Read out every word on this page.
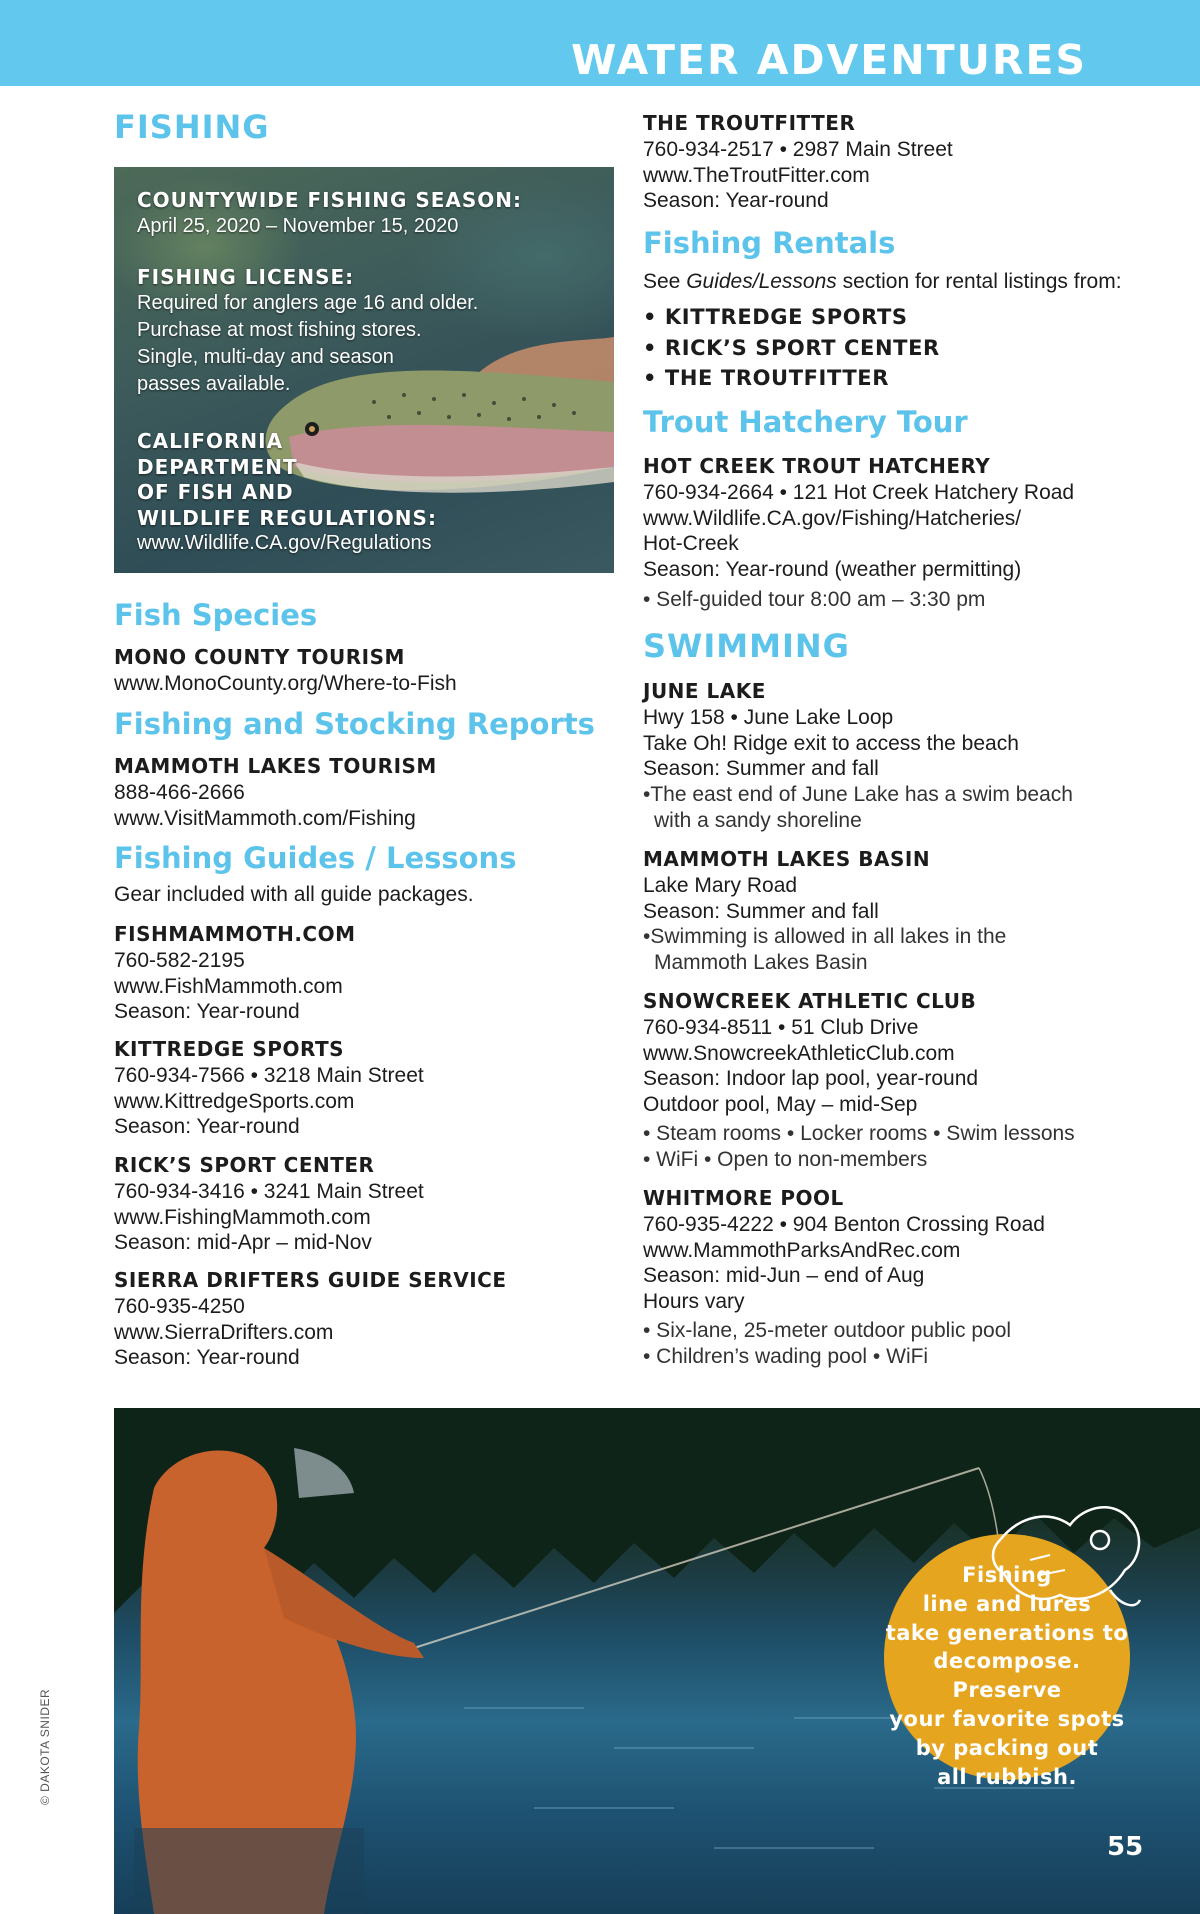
WATER ADVENTURES
FISHING
COUNTYWIDE FISHING SEASON:
April 25, 2020 – November 15, 2020
FISHING LICENSE:
Required for anglers age 16 and older.
Purchase at most fishing stores.
Single, multi-day and season
passes available.
CALIFORNIA
DEPARTMENT
OF FISH AND
WILDLIFE REGULATIONS:
www.Wildlife.CA.gov/Regulations
Fish Species
MONO COUNTY TOURISM
www.MonoCounty.org/Where-to-Fish
Fishing and Stocking Reports
MAMMOTH LAKES TOURISM
888-466-2666
www.VisitMammoth.com/Fishing
Fishing Guides / Lessons
Gear included with all guide packages.
FISHMAMMOTH.COM
760-582-2195
www.FishMammoth.com
Season: Year-round
KITTREDGE SPORTS
760-934-7566 • 3218 Main Street
www.KittredgeSports.com
Season: Year-round
RICK’S SPORT CENTER
760-934-3416 • 3241 Main Street
www.FishingMammoth.com
Season: mid-Apr – mid-Nov
SIERRA DRIFTERS GUIDE SERVICE
760-935-4250
www.SierraDrifters.com
Season: Year-round
THE TROUTFITTER
760-934-2517 • 2987 Main Street
www.TheTroutFitter.com
Season: Year-round
Fishing Rentals
See Guides/Lessons section for rental listings from:
• KITTREDGE SPORTS
• RICK’S SPORT CENTER
• THE TROUTFITTER
Trout Hatchery Tour
HOT CREEK TROUT HATCHERY
760-934-2664 • 121 Hot Creek Hatchery Road
www.Wildlife.CA.gov/Fishing/Hatcheries/
Hot-Creek
Season: Year-round (weather permitting)
• Self-guided tour 8:00 am – 3:30 pm
SWIMMING
JUNE LAKE
Hwy 158 • June Lake Loop
Take Oh! Ridge exit to access the beach
Season: Summer and fall
•The east end of June Lake has a swim beach with a sandy shoreline
MAMMOTH LAKES BASIN
Lake Mary Road
Season: Summer and fall
•Swimming is allowed in all lakes in the Mammoth Lakes Basin
SNOWCREEK ATHLETIC CLUB
760-934-8511 • 51 Club Drive
www.SnowcreekAthleticClub.com
Season: Indoor lap pool, year-round
Outdoor pool, May – mid-Sep
• Steam rooms • Locker rooms • Swim lessons
• WiFi • Open to non-members
WHITMORE POOL
760-935-4222 • 904 Benton Crossing Road
www.MammothParksAndRec.com
Season: mid-Jun – end of Aug
Hours vary
• Six-lane, 25-meter outdoor public pool
• Children’s wading pool • WiFi
© DAKOTA SNIDER
Fishing
line and lures
take generations to
decompose. Preserve
your favorite spots
by packing out
all rubbish.
55
